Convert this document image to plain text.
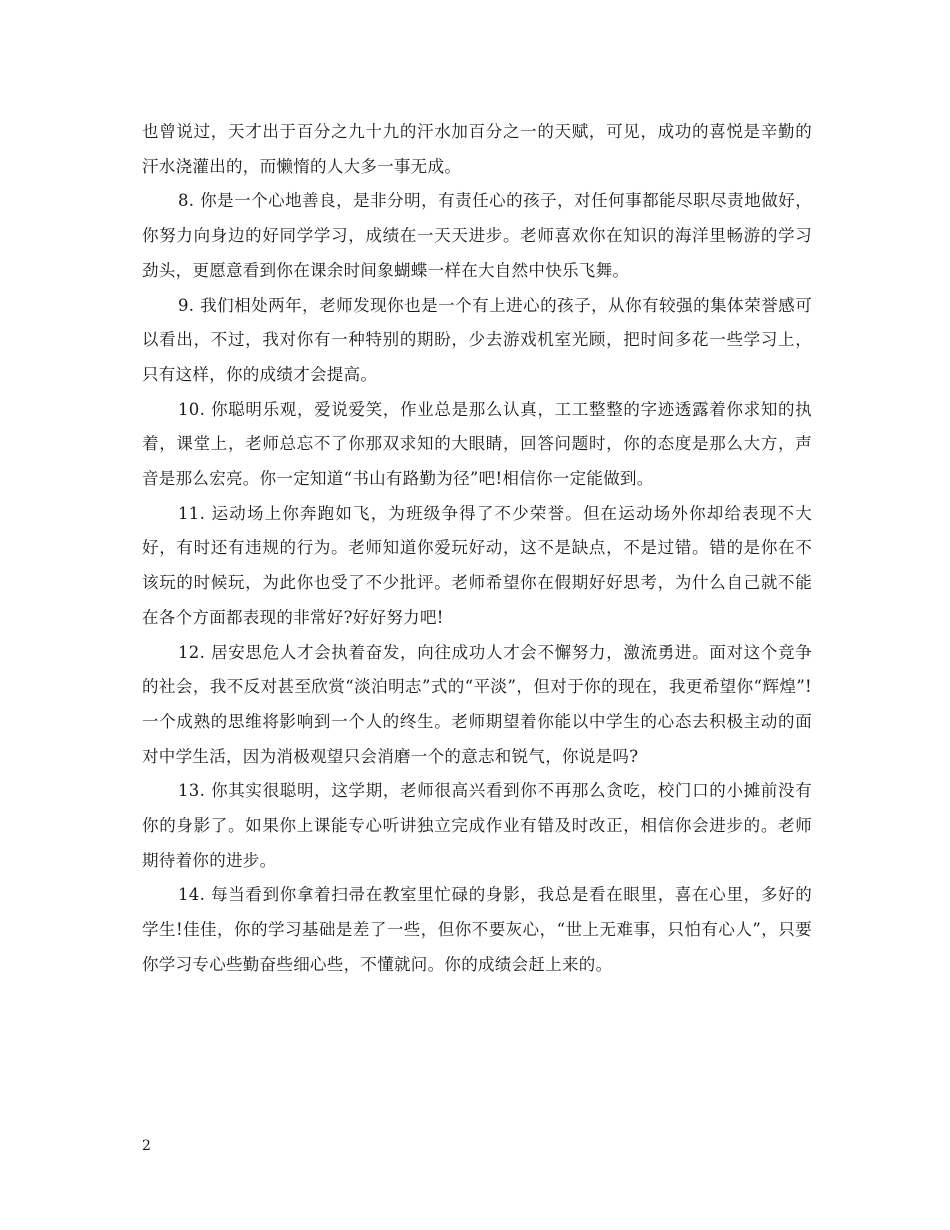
也曾说过，天才出于百分之九十九的汗水加百分之一的天赋，可见，成功的喜悦是辛勤的汗水浇灌出的，而懒惰的人大多一事无成。

8. 你是一个心地善良，是非分明，有责任心的孩子，对任何事都能尽职尽责地做好，你努力向身边的好同学学习，成绩在一天天进步。老师喜欢你在知识的海洋里畅游的学习劲头，更愿意看到你在课余时间象蝴蝶一样在大自然中快乐飞舞。

9. 我们相处两年，老师发现你也是一个有上进心的孩子，从你有较强的集体荣誉感可以看出，不过，我对你有一种特别的期盼，少去游戏机室光顾，把时间多花一些学习上，只有这样，你的成绩才会提高。

10. 你聪明乐观，爱说爱笑，作业总是那么认真，工工整整的字迹透露着你求知的执着，课堂上，老师总忘不了你那双求知的大眼睛，回答问题时，你的态度是那么大方，声音是那么宏亮。你一定知道“书山有路勤为径”吧!相信你一定能做到。

11. 运动场上你奔跑如飞，为班级争得了不少荣誉。但在运动场外你却给表现不大好，有时还有违规的行为。老师知道你爱玩好动，这不是缺点，不是过错。错的是你在不该玩的时候玩，为此你也受了不少批评。老师希望你在假期好好思考，为什么自己就不能在各个方面都表现的非常好?好好努力吧!

12. 居安思危人才会执着奋发，向往成功人才会不懈努力，激流勇进。面对这个竞争的社会，我不反对甚至欣赏“淡泊明志”式的“平淡”，但对于你的现在，我更希望你“辉煌”!一个成熟的思维将影响到一个人的终生。老师期望着你能以中学生的心态去积极主动的面对中学生活，因为消极观望只会消磨一个的意志和锐气，你说是吗?

13. 你其实很聪明，这学期，老师很高兴看到你不再那么贪吃，校门口的小摊前没有你的身影了。如果你上课能专心听讲独立完成作业有错及时改正，相信你会进步的。老师期待着你的进步。

14. 每当看到你拿着扫帚在教室里忙碌的身影，我总是看在眼里，喜在心里，多好的学生!佳佳，你的学习基础是差了一些，但你不要灰心，“世上无难事，只怕有心人”，只要你学习专心些勤奋些细心些，不懂就问。你的成绩会赶上来的。

2
